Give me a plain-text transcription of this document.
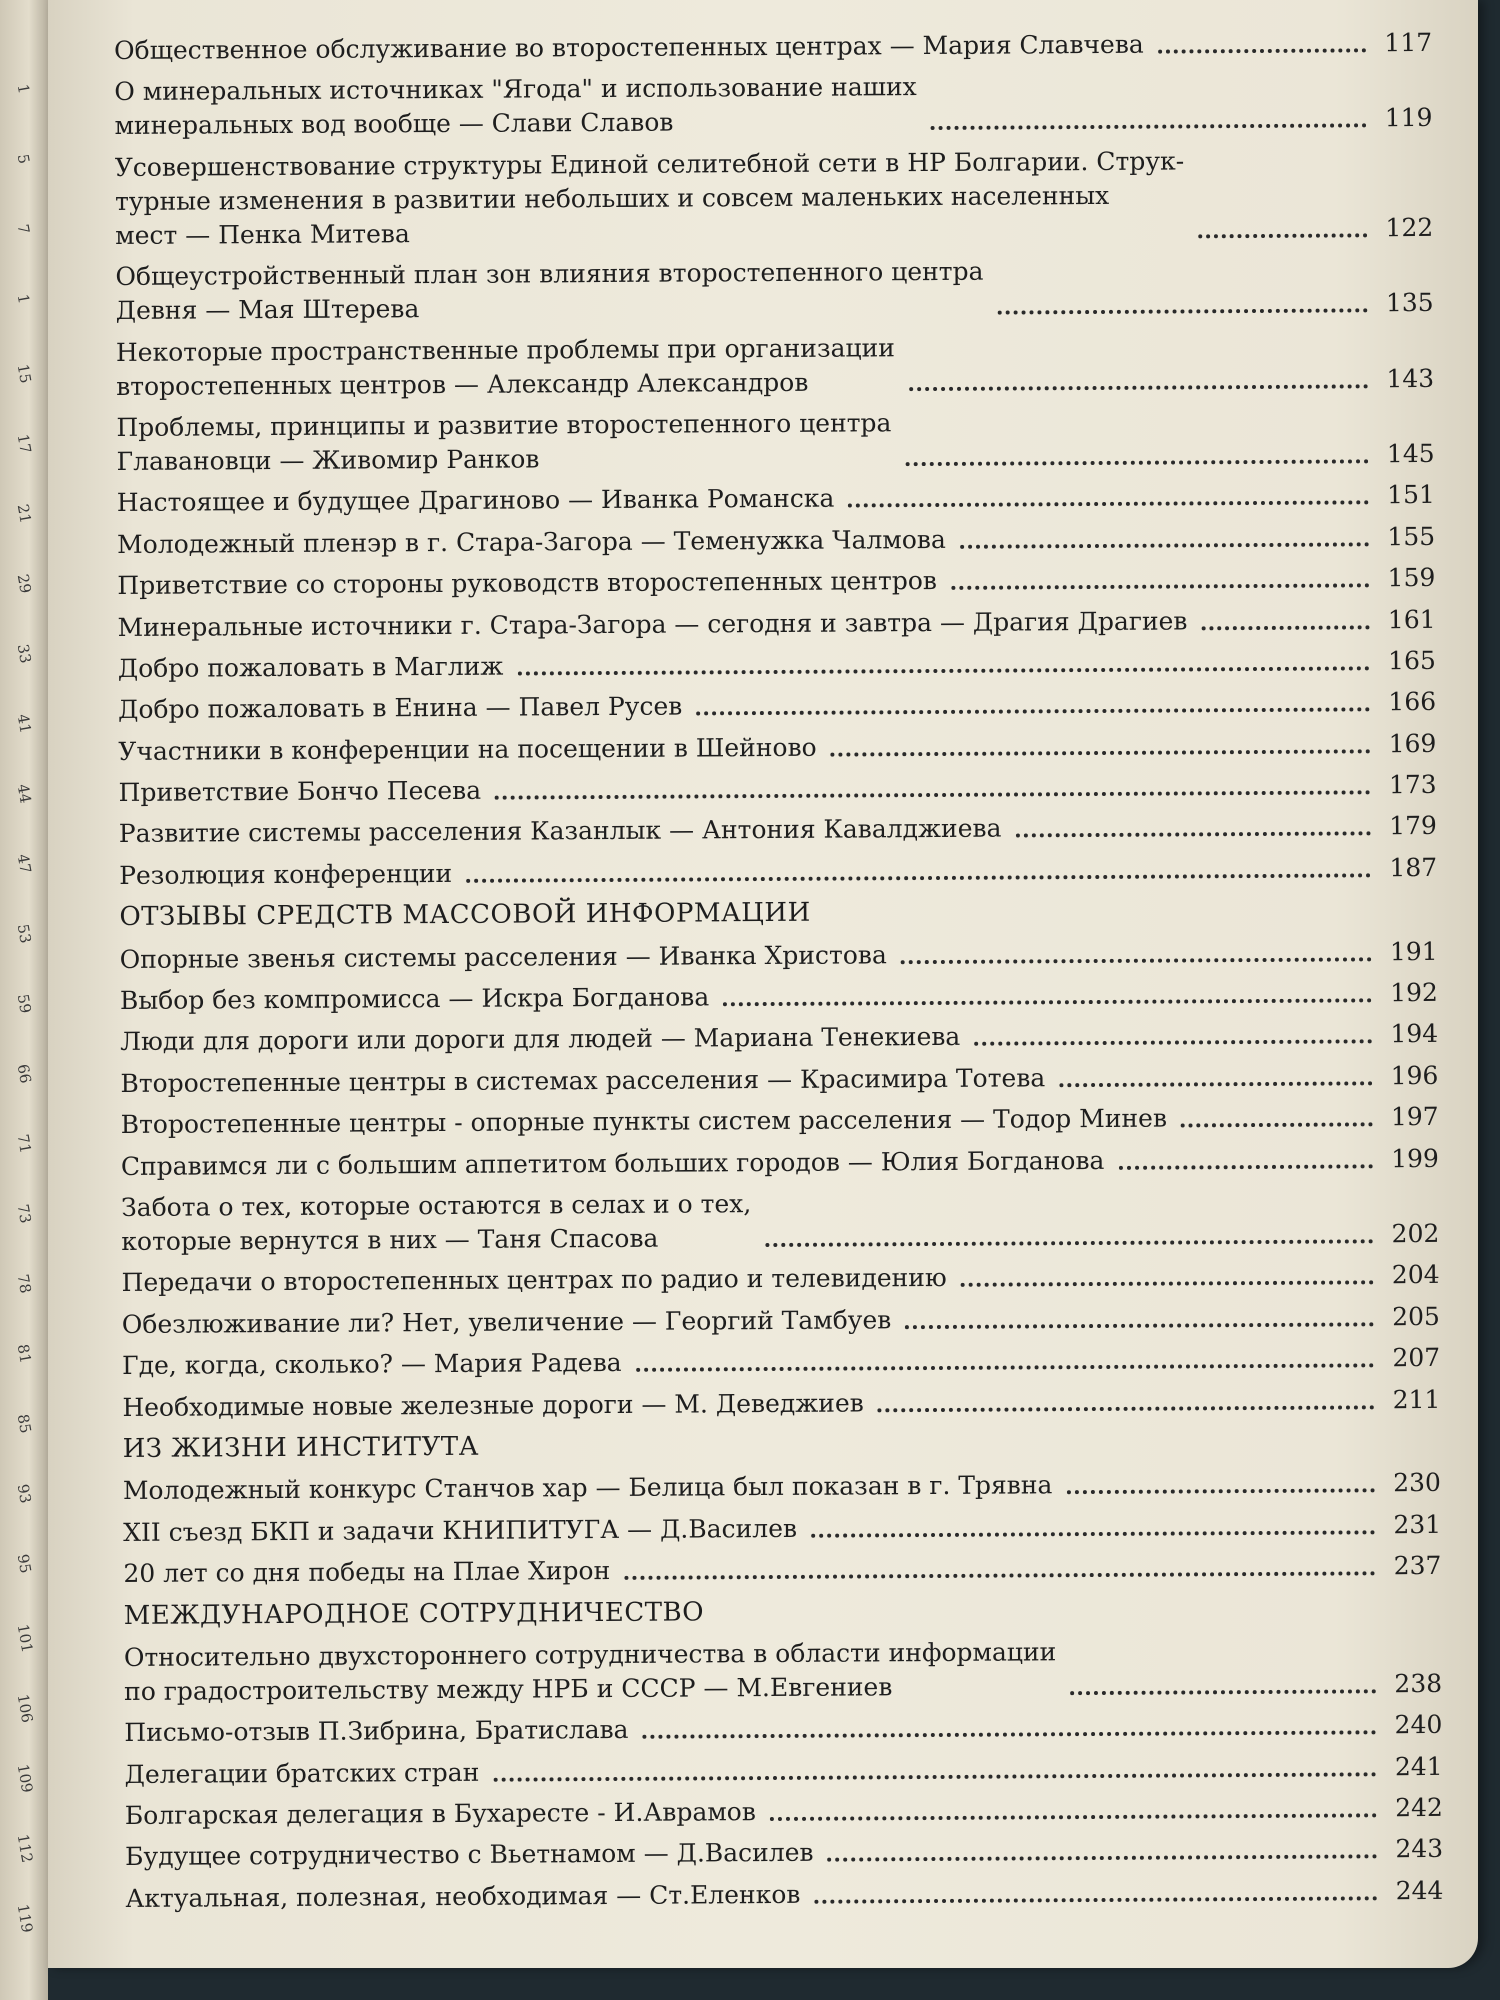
1
5
7
1
15
17
21
29
33
41
44
47
53
59
66
71
73
78
81
85
93
95
101
106
109
112
119
Общественное обслуживание во второстепенных центрах — Мария Славчева	117
О минеральных источниках "Ягода" и использование наших
минеральных вод вообще — Слави Славов	119
Усовершенствование структуры Единой селитебной сети в НР Болгарии. Струк-
турные изменения в развитии небольших и совсем маленьких населенных
мест — Пенка Митева	122
Общеустройственный план зон влияния второстепенного центра
Девня — Мая Штерева	135
Некоторые пространственные проблемы при организации
второстепенных центров — Александр Александров	143
Проблемы, принципы и развитие второстепенного центра
Главановци — Живомир Ранков	145
Настоящее и будущее Драгиново — Иванка Романска	151
Молодежный пленэр в г. Стара-Загора — Теменужка Чалмова	155
Приветствие со стороны руководств второстепенных центров	159
Минеральные источники г. Стара-Загора — сегодня и завтра — Драгия Драгиев	161
Добро пожаловать в Маглиж	165
Добро пожаловать в Енина — Павел Русев	166
Участники в конференции на посещении в Шейново	169
Приветствие Бончо Песева	173
Развитие системы расселения Казанлык — Антония Кавалджиева	179
Резолюция конференции	187
ОТЗЫВЫ СРЕДСТВ МАССОВОЙ ИНФОРМАЦИИ
Опорные звенья системы расселения — Иванка Христова	191
Выбор без компромисса — Искра Богданова	192
Люди для дороги или дороги для людей — Мариана Тенекиева	194
Второстепенные центры в системах расселения — Красимира Тотева	196
Второстепенные центры - опорные пункты систем расселения — Тодор Минев	197
Справимся ли с большим аппетитом больших городов — Юлия Богданова	199
Забота о тех, которые остаются в селах и о тех,
которые вернутся в них — Таня Спасова	202
Передачи о второстепенных центрах по радио и телевидению	204
Обезлюживание ли? Нет, увеличение — Георгий Тамбуев	205
Где, когда, сколько? — Мария Радева	207
Необходимые новые железные дороги — М. Деведжиев	211
ИЗ ЖИЗНИ ИНСТИТУТА
Молодежный конкурс Станчов хар — Белица был показан в г. Трявна	230
XII съезд БКП и задачи КНИПИТУГА — Д.Василев	231
20 лет со дня победы на Плае Хирон	237
МЕЖДУНАРОДНОЕ СОТРУДНИЧЕСТВО
Относительно двухстороннего сотрудничества в области информации
по градостроительству между НРБ и СССР — М.Евгениев	238
Письмо-отзыв П.Зибрина, Братислава	240
Делегации братских стран	241
Болгарская делегация в Бухаресте - И.Аврамов	242
Будущее сотрудничество с Вьетнамом — Д.Василев	243
Актуальная, полезная, необходимая — Ст.Еленков	244
